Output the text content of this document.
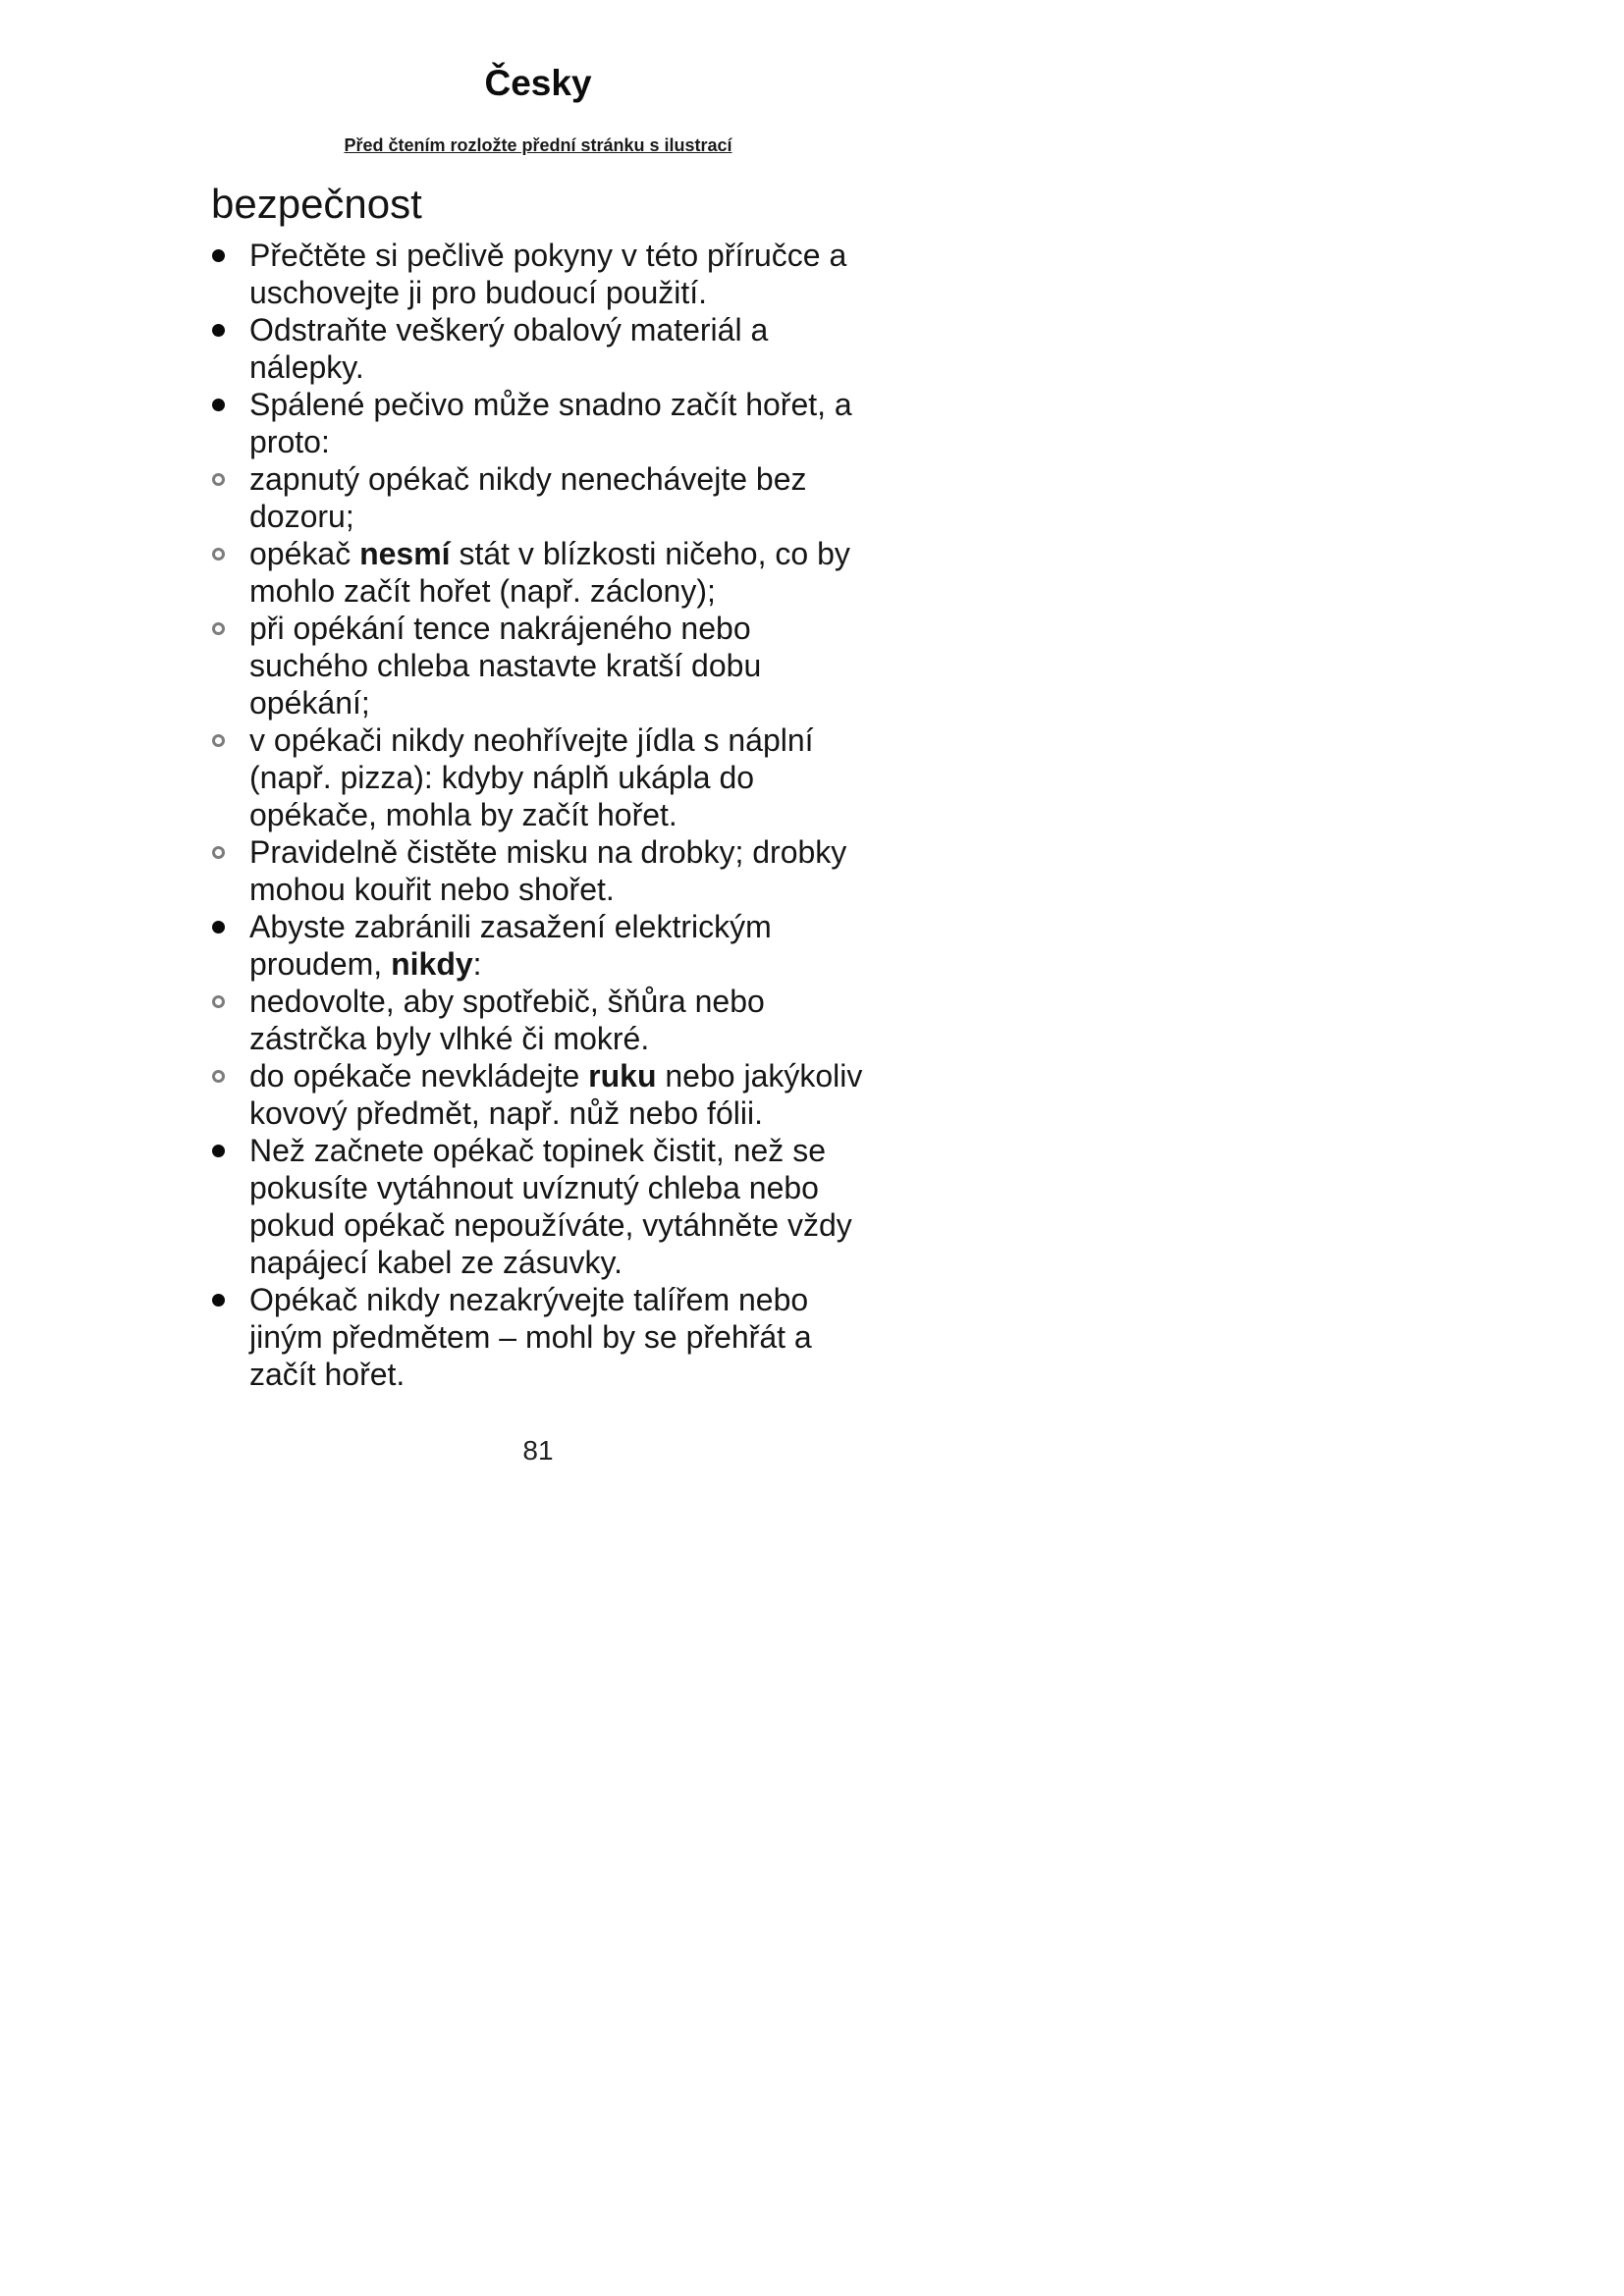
Česky
Před čtením rozložte přední stránku s ilustrací
bezpečnost
Přečtěte si pečlivě pokyny v této příručce a uschovejte ji pro budoucí použití.
Odstraňte veškerý obalový materiál a nálepky.
Spálené pečivo může snadno začít hořet, a proto:
zapnutý opékač nikdy nenechávejte bez dozoru;
opékač nesmí stát v blízkosti ničeho, co by mohlo začít hořet (např. záclony);
při opékání tence nakrájeného nebo suchého chleba nastavte kratší dobu opékání;
v opékači nikdy neohřívejte jídla s náplní (např. pizza): kdyby náplň ukápla do opékače, mohla by začít hořet.
Pravidelně čistěte misku na drobky; drobky mohou kouřit nebo shořet.
Abyste zabránili zasažení elektrickým proudem, nikdy:
nedovolte, aby spotřebič, šňůra nebo zástrčka byly vlhké či mokré.
do opékače nevkládejte ruku nebo jakýkoliv kovový předmět, např. nůž nebo fólii.
Než začnete opékač topinek čistit, než se pokusíte vytáhnout uvíznutý chleba nebo pokud opékač nepoužíváte, vytáhněte vždy napájecí kabel ze zásuvky.
Opékač nikdy nezakrývejte talířem nebo jiným předmětem – mohl by se přehřát a začít hořet.
81
